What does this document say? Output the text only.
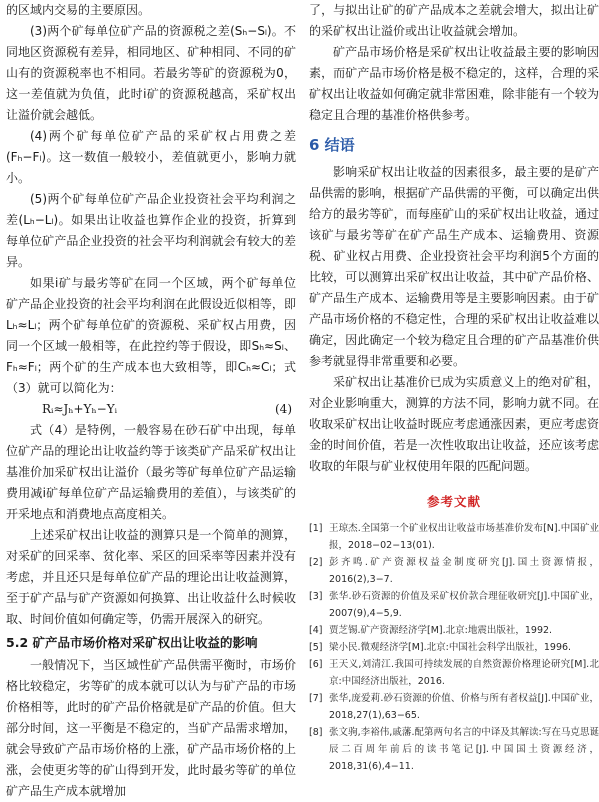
的区域内交易的主要原因。

(3)两个矿每单位矿产品的资源税之差(Sₕ−Sₗ)。不同地区资源税有差异，相同地区、矿种相同、不同的矿山有的资源税率也不相同。若最劣等矿的资源税为0，这一差值就为负值，此时i矿的资源税越高，采矿权出让溢价就会越低。

(4)两个矿每单位矿产品的采矿权占用费之差(Fₕ−Fₗ)。这一数值一般较小，差值就更小，影响力就小。

(5)两个矿每单位矿产品企业投资社会平均利润之差(Lₕ−Lₗ)。如果出让收益也算作企业的投资，折算到每单位矿产品企业投资的社会平均利润就会有较大的差异。

如果i矿与最劣等矿在同一个区域，两个矿每单位矿产品企业投资的社会平均利润在此假设近似相等，即Lₕ≈Lₗ；两个矿每单位矿的资源税、采矿权占用费，因同一个区域一般相等，在此控约等于假设，即Sₕ≈Sₗ、Fₕ≈Fₗ；两个矿的生产成本也大致相等，即Cₕ≈Cₗ；式（3）就可以简化为：

Rᵢ≈Jₕ+Yₕ−Yᵢ	(4)

式（4）是特例，一般容易在砂石矿中出现，每单位矿产品的理论出让收益约等于该类矿产品采矿权出让基准价加采矿权出让溢价（最劣等矿每单位矿产品运输费用减i矿每单位矿产品运输费用的差值），与该类矿的开采地点和消费地点高度相关。

上述采矿权出让收益的测算只是一个简单的测算，对采矿的回采率、贫化率、采区的回采率等因素并没有考虑，并且还只是每单位矿产品的理论出让收益测算，至于矿产品与矿产资源如何换算、出让收益什么时候收取、时间价值如何确定等，仍需开展深入的研究。

5.2 矿产品市场价格对采矿权出让收益的影响

一般情况下，当区域性矿产品供需平衡时，市场价格比较稳定，劣等矿的成本就可以认为与矿产品的市场价格相等，此时的矿产品价格就是矿产品的价值。但大部分时间，这一平衡是不稳定的，当矿产品需求增加，就会导致矿产品市场价格的上涨，矿产品市场价格的上涨，会使更劣等的矿山得到开发，此时最劣等矿的单位矿产品生产成本就增加

了，与拟出让矿的矿产品成本之差就会增大，拟出让矿的采矿权出让溢价或出让收益就会增加。

矿产品市场价格是采矿权出让收益最主要的影响因素，而矿产品市场价格是极不稳定的，这样，合理的采矿权出让收益如何确定就非常困难，除非能有一个较为稳定且合理的基准价格供参考。

6 结语

影响采矿权出让收益的因素很多，最主要的是矿产品供需的影响，根据矿产品供需的平衡，可以确定出供给方的最劣等矿，而每座矿山的采矿权出让收益，通过该矿与最劣等矿在矿产品生产成本、运输费用、资源税、矿业权占用费、企业投资社会平均利润5个方面的比较，可以测算出采矿权出让收益，其中矿产品价格、矿产品生产成本、运输费用等是主要影响因素。由于矿产品市场价格的不稳定性，合理的采矿权出让收益难以确定，因此确定一个较为稳定且合理的矿产品基准价供参考就显得非常重要和必要。

采矿权出让基准价已成为实质意义上的绝对矿租，对企业影响重大，测算的方法不同，影响力就不同。在收取采矿权出让收益时既应考虑通涨因素，更应考虑资金的时间价值，若是一次性收取出让收益，还应该考虑收取的年限与矿业权使用年限的匹配问题。

参考文献
[1] 王琼杰.全国第一个矿业权出让收益市场基准价发布[N].中国矿业报，2018−02−13(01).
[2] 彭齐鸣.矿产资源权益金制度研究[J].国土资源情报，2016(2),3−7.
[3] 张华.砂石资源的价值及采矿权价款合理征收研究[J].中国矿业，2007(9),4−5,9.
[4] 贾芝锡.矿产资源经济学[M].北京:地震出版社，1992.
[5] 梁小民.微观经济学[M].北京:中国社会科学出版社，1996.
[6] 王天义,刘清江.我国可持续发展的自然资源价格理论研究[M].北京:中国经济出版社，2016.
[7] 张华,庞爱莉.砂石资源的价值、价格与所有者权益[J].中国矿业，2018,27(1),63−65.
[8] 张文驹,李裕伟,戚藩.配第两句名言的中译及其解读:写在马克思诞辰二百周年前后的读书笔记[J].中国国土资源经济，2018,31(6),4−11.
